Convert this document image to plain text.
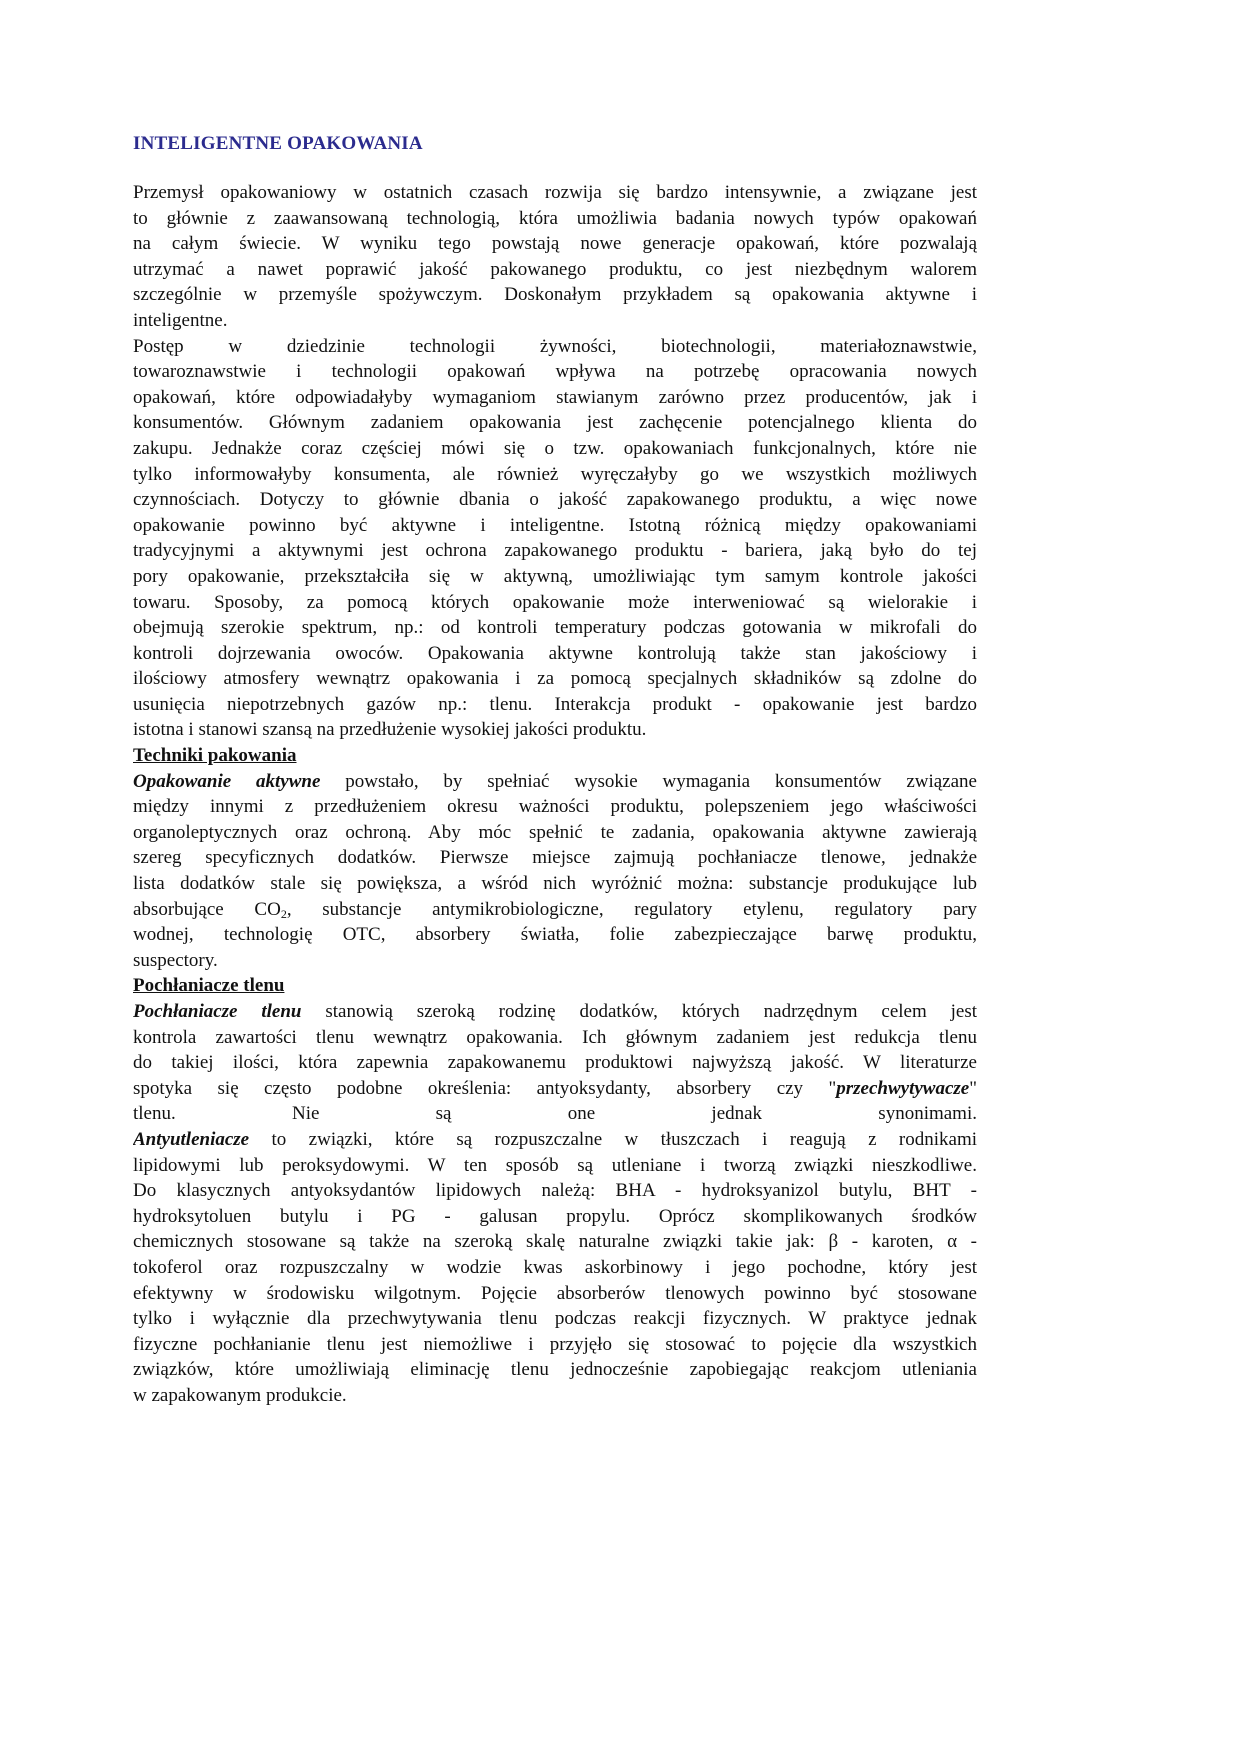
INTELIGENTNE OPAKOWANIA
Przemysł opakowaniowy w ostatnich czasach rozwija się bardzo intensywnie, a związane jest
to głównie z zaawansowaną technologią, która umożliwia badania nowych typów opakowań
na całym świecie. W wyniku tego powstają nowe generacje opakowań, które pozwalają
utrzymać a nawet poprawić jakość pakowanego produktu, co jest niezbędnym walorem
szczególnie w przemyśle spożywczym. Doskonałym przykładem są opakowania aktywne i
inteligentne.
Postęp w dziedzinie technologii żywności, biotechnologii, materiałoznawstwie,
towaroznawstwie i technologii opakowań wpływa na potrzebę opracowania nowych
opakowań, które odpowiadałyby wymaganiom stawianym zarówno przez producentów, jak i
konsumentów. Głównym zadaniem opakowania jest zachęcenie potencjalnego klienta do
zakupu. Jednakże coraz częściej mówi się o tzw. opakowaniach funkcjonalnych, które nie
tylko informowałyby konsumenta, ale również wyręczałyby go we wszystkich możliwych
czynnościach. Dotyczy to głównie dbania o jakość zapakowanego produktu, a więc nowe
opakowanie powinno być aktywne i inteligentne. Istotną różnicą między opakowaniami
tradycyjnymi a aktywnymi jest ochrona zapakowanego produktu - bariera, jaką było do tej
pory opakowanie, przekształciła się w aktywną, umożliwiając tym samym kontrole jakości
towaru. Sposoby, za pomocą których opakowanie może interweniować są wielorakie i
obejmują szerokie spektrum, np.: od kontroli temperatury podczas gotowania w mikrofali do
kontroli dojrzewania owoców. Opakowania aktywne kontrolują także stan jakościowy i
ilościowy atmosfery wewnątrz opakowania i za pomocą specjalnych składników są zdolne do
usunięcia niepotrzebnych gazów np.: tlenu. Interakcja produkt - opakowanie jest bardzo
istotna i stanowi szansą na przedłużenie wysokiej jakości produktu.
Techniki pakowania
Opakowanie aktywne powstało, by spełniać wysokie wymagania konsumentów związane
między innymi z przedłużeniem okresu ważności produktu, polepszeniem jego właściwości
organoleptycznych oraz ochroną. Aby móc spełnić te zadania, opakowania aktywne zawierają
szereg specyficznych dodatków. Pierwsze miejsce zajmują pochłaniacze tlenowe, jednakże
lista dodatków stale się powiększa, a wśród nich wyróżnić można: substancje produkujące lub
absorbujące $CO_2$, substancje antymikrobiologiczne, regulatory etylenu, regulatory pary
wodnej, technologię OTC, absorbery światła, folie zabezpieczające barwę produktu,
suspectory.
Pochłaniacze tlenu
Pochłaniacze tlenu stanowią szeroką rodzinę dodatków, których nadrzędnym celem jest
kontrola zawartości tlenu wewnątrz opakowania. Ich głównym zadaniem jest redukcja tlenu
do takiej ilości, która zapewnia zapakowanemu produktowi najwyższą jakość. W literaturze
spotyka się często podobne określenia: antyoksydanty, absorbery czy "przechwytywacze"
tlenu. Nie są one jednak synonimami.
Antyutleniacze to związki, które są rozpuszczalne w tłuszczach i reagują z rodnikami
lipidowymi lub peroksydowymi. W ten sposób są utleniane i tworzą związki nieszkodliwe.
Do klasycznych antyoksydantów lipidowych należą: BHA - hydroksyanizol butylu, BHT -
hydroksytoluen butylu i PG - galusan propylu. Oprócz skomplikowanych środków
chemicznych stosowane są także na szeroką skalę naturalne związki takie jak: β - karoten, α -
tokoferol oraz rozpuszczalny w wodzie kwas askorbinowy i jego pochodne, który jest
efektywny w środowisku wilgotnym. Pojęcie absorberów tlenowych powinno być stosowane
tylko i wyłącznie dla przechwytywania tlenu podczas reakcji fizycznych. W praktyce jednak
fizyczne pochłanianie tlenu jest niemożliwe i przyjęło się stosować to pojęcie dla wszystkich
związków, które umożliwiają eliminację tlenu jednocześnie zapobiegając reakcjom utleniania
w zapakowanym produkcie.
